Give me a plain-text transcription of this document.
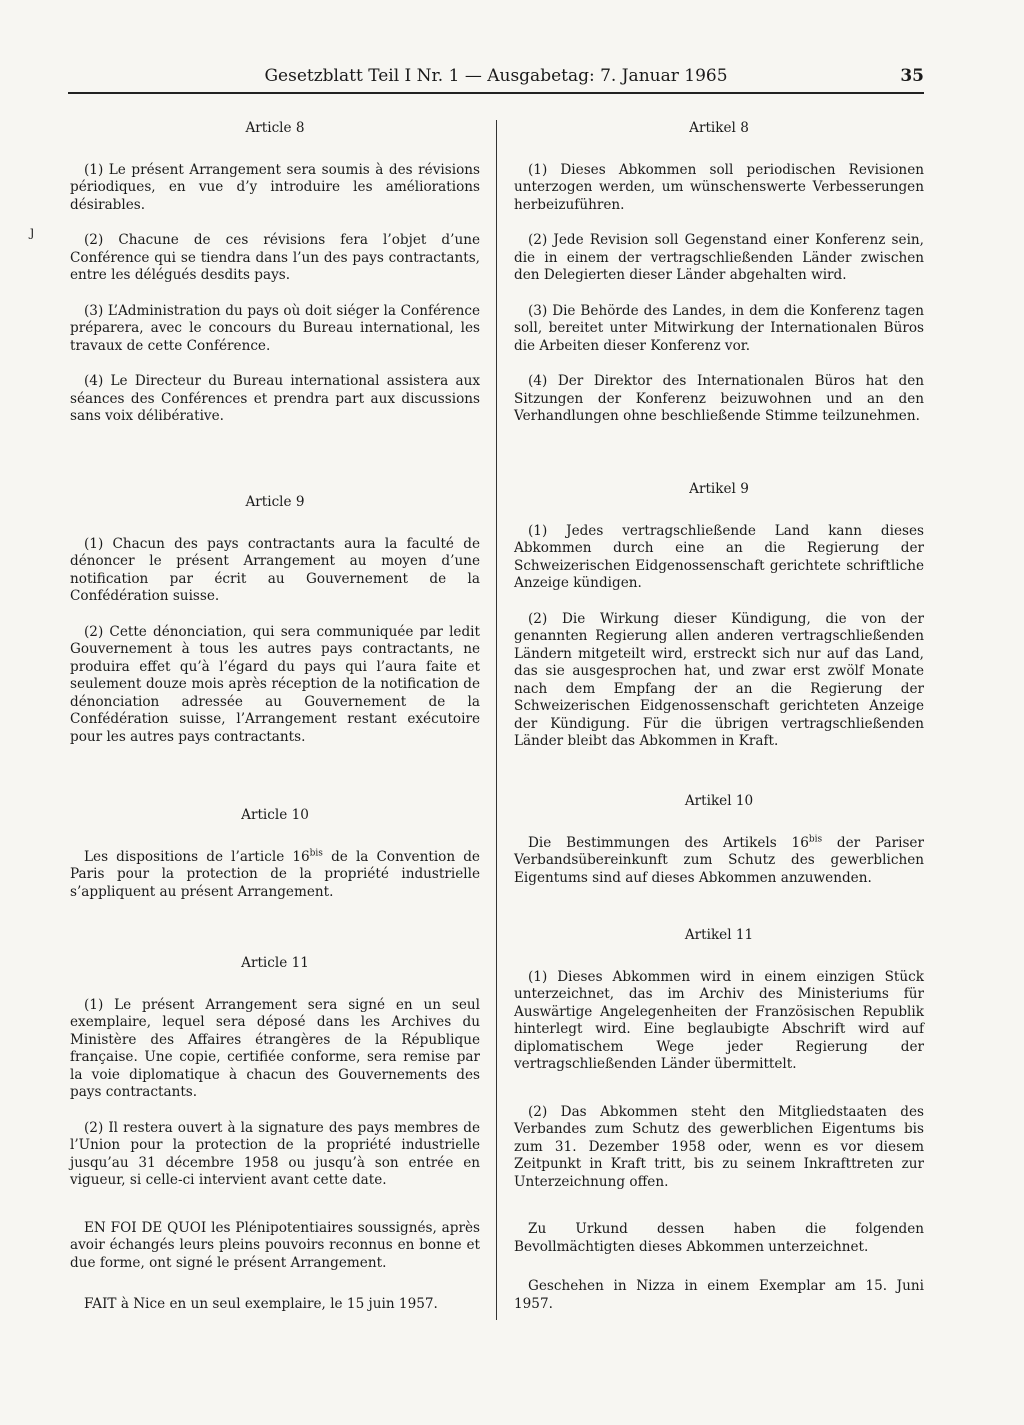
Gesetzblatt Teil I Nr. 1 — Ausgabetag: 7. Januar 1965	35
ȷ
Article 8

(1) Le présent Arrangement sera soumis à des révisions périodiques, en vue d’y introduire les améliorations désirables.

(2) Chacune de ces révisions fera l’objet d’une Conférence qui se tiendra dans l’un des pays contractants, entre les délégués desdits pays.

(3) L’Administration du pays où doit siéger la Conférence préparera, avec le concours du Bureau international, les travaux de cette Conférence.

(4) Le Directeur du Bureau international assistera aux séances des Conférences et prendra part aux discussions sans voix délibérative.

Article 9

(1) Chacun des pays contractants aura la faculté de dénoncer le présent Arrangement au moyen d’une notification par écrit au Gouvernement de la Confédération suisse.

(2) Cette dénonciation, qui sera communiquée par ledit Gouvernement à tous les autres pays contractants, ne produira effet qu’à l’égard du pays qui l’aura faite et seulement douze mois après réception de la notification de dénonciation adressée au Gouvernement de la Confédération suisse, l’Arrangement restant exécutoire pour les autres pays contractants.

Article 10

Les dispositions de l’article $16^{bis}$ de la Convention de Paris pour la protection de la propriété industrielle s’appliquent au présent Arrangement.

Article 11

(1) Le présent Arrangement sera signé en un seul exemplaire, lequel sera déposé dans les Archives du Ministère des Affaires étrangères de la République française. Une copie, certifiée conforme, sera remise par la voie diplomatique à chacun des Gouvernements des pays contractants.

(2) Il restera ouvert à la signature des pays membres de l’Union pour la protection de la propriété industrielle jusqu’au 31 décembre 1958 ou jusqu’à son entrée en vigueur, si celle-ci intervient avant cette date.

EN FOI DE QUOI les Plénipotentiaires soussignés, après avoir échangés leurs pleins pouvoirs reconnus en bonne et due forme, ont signé le présent Arrangement.

FAIT à Nice en un seul exemplaire, le 15 juin 1957.

Artikel 8

(1) Dieses Abkommen soll periodischen Revisionen unterzogen werden, um wünschenswerte Verbesserungen herbeizuführen.

(2) Jede Revision soll Gegenstand einer Konferenz sein, die in einem der vertragschließenden Länder zwischen den Delegierten dieser Länder abgehalten wird.

(3) Die Behörde des Landes, in dem die Konferenz tagen soll, bereitet unter Mitwirkung der Internationalen Büros die Arbeiten dieser Konferenz vor.

(4) Der Direktor des Internationalen Büros hat den Sitzungen der Konferenz beizuwohnen und an den Verhandlungen ohne beschließende Stimme teilzunehmen.

Artikel 9

(1) Jedes vertragschließende Land kann dieses Abkommen durch eine an die Regierung der Schweizerischen Eidgenossenschaft gerichtete schriftliche Anzeige kündigen.

(2) Die Wirkung dieser Kündigung, die von der genannten Regierung allen anderen vertragschließenden Ländern mitgeteilt wird, erstreckt sich nur auf das Land, das sie ausgesprochen hat, und zwar erst zwölf Monate nach dem Empfang der an die Regierung der Schweizerischen Eidgenossenschaft gerichteten Anzeige der Kündigung. Für die übrigen vertragschließenden Länder bleibt das Abkommen in Kraft.

Artikel 10

Die Bestimmungen des Artikels $16^{bis}$ der Pariser Verbandsübereinkunft zum Schutz des gewerblichen Eigentums sind auf dieses Abkommen anzuwenden.

Artikel 11

(1) Dieses Abkommen wird in einem einzigen Stück unterzeichnet, das im Archiv des Ministeriums für Auswärtige Angelegenheiten der Französischen Republik hinterlegt wird. Eine beglaubigte Abschrift wird auf diplomatischem Wege jeder Regierung der vertragschließenden Länder übermittelt.

(2) Das Abkommen steht den Mitgliedstaaten des Verbandes zum Schutz des gewerblichen Eigentums bis zum 31. Dezember 1958 oder, wenn es vor diesem Zeitpunkt in Kraft tritt, bis zu seinem Inkrafttreten zur Unterzeichnung offen.

Zu Urkund dessen haben die folgenden Bevollmächtigten dieses Abkommen unterzeichnet.

Geschehen in Nizza in einem Exemplar am 15. Juni 1957.
